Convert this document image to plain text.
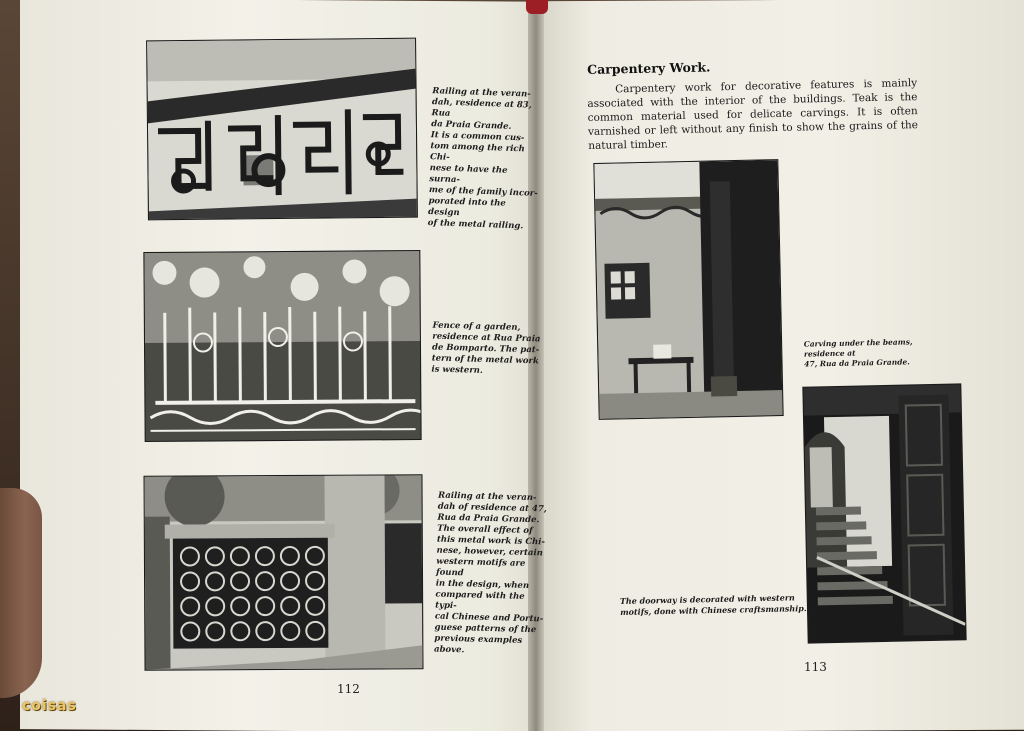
Railing at the veran-
dah, residence at 83, Rua
da Praia Grande.
It is a common cus-
tom among the rich Chi-
nese to have the surna-
me of the family incor-
porated into the design
of the metal railing.
Fence of a garden,
residence at Rua Praia
de Bomparto. The pat-
tern of the metal work
is western.
Railing at the veran-
dah of residence at 47,
Rua da Praia Grande.
The overall effect of
this metal work is Chi-
nese, however, certain
western motifs are found
in the design, when
compared with the typi-
cal Chinese and Portu-
guese patterns of the
previous examples above.
112
Carpentery Work.
Carpentery work for decorative features is mainly associated with the interior of the buildings. Teak is the common material used for delicate carvings. It is often varnished or left without any finish to show the grains of the natural timber.
Carving under the beams, residence at
47, Rua da Praia Grande.
The doorway is decorated with western
motifs, done with Chinese craftsmanship.
113
coisas
